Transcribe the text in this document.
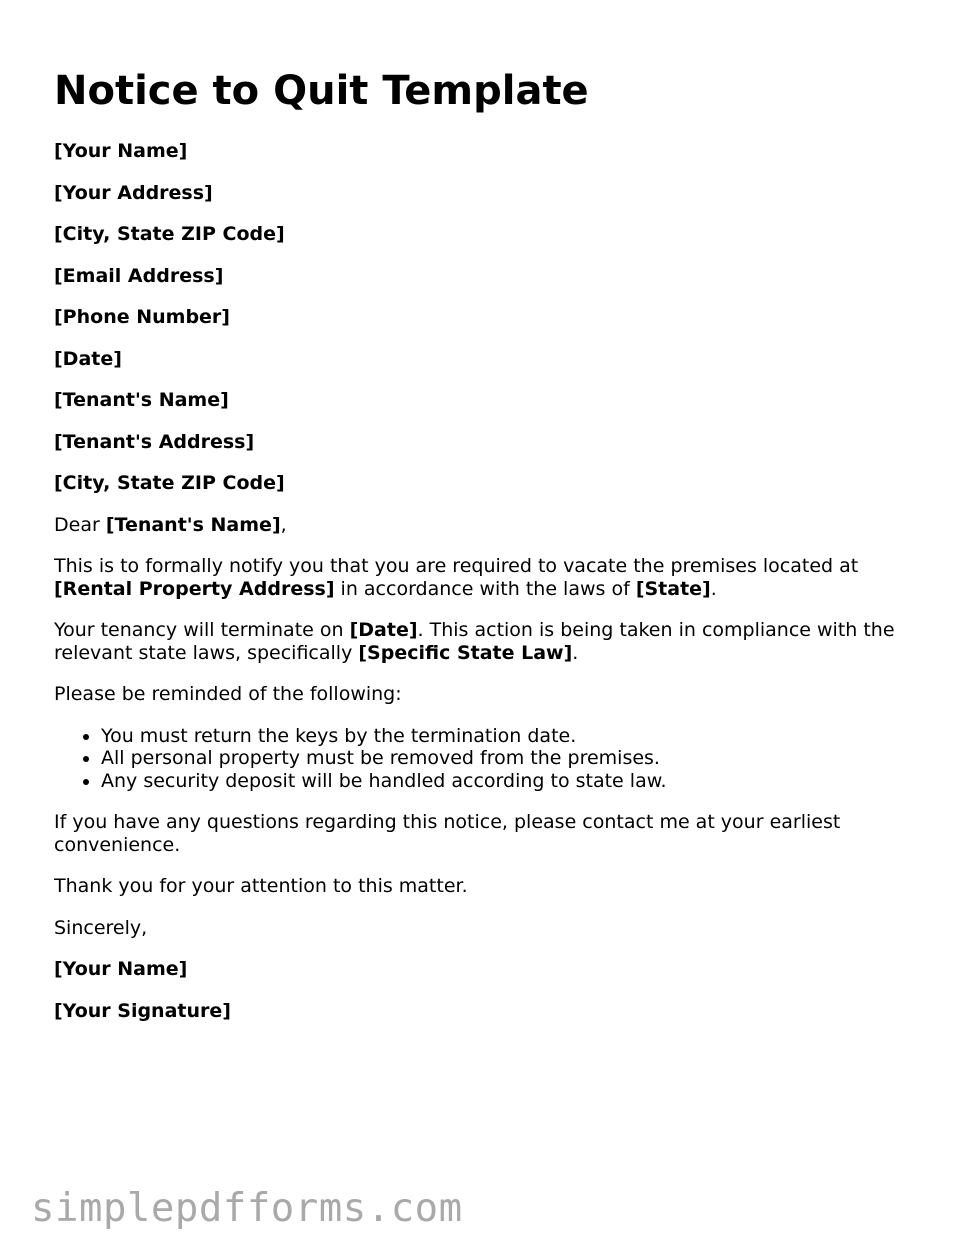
Notice to Quit Template

[Your Name]

[Your Address]

[City, State ZIP Code]

[Email Address]

[Phone Number]

[Date]

[Tenant's Name]

[Tenant's Address]

[City, State ZIP Code]

Dear [Tenant's Name],

This is to formally notify you that you are required to vacate the premises located at [Rental Property Address] in accordance with the laws of [State].

Your tenancy will terminate on [Date]. This action is being taken in compliance with the relevant state laws, specifically [Specific State Law].

Please be reminded of the following:

• You must return the keys by the termination date.
• All personal property must be removed from the premises.
• Any security deposit will be handled according to state law.

If you have any questions regarding this notice, please contact me at your earliest convenience.

Thank you for your attention to this matter.

Sincerely,

[Your Name]

[Your Signature]

simplepdfforms.com
